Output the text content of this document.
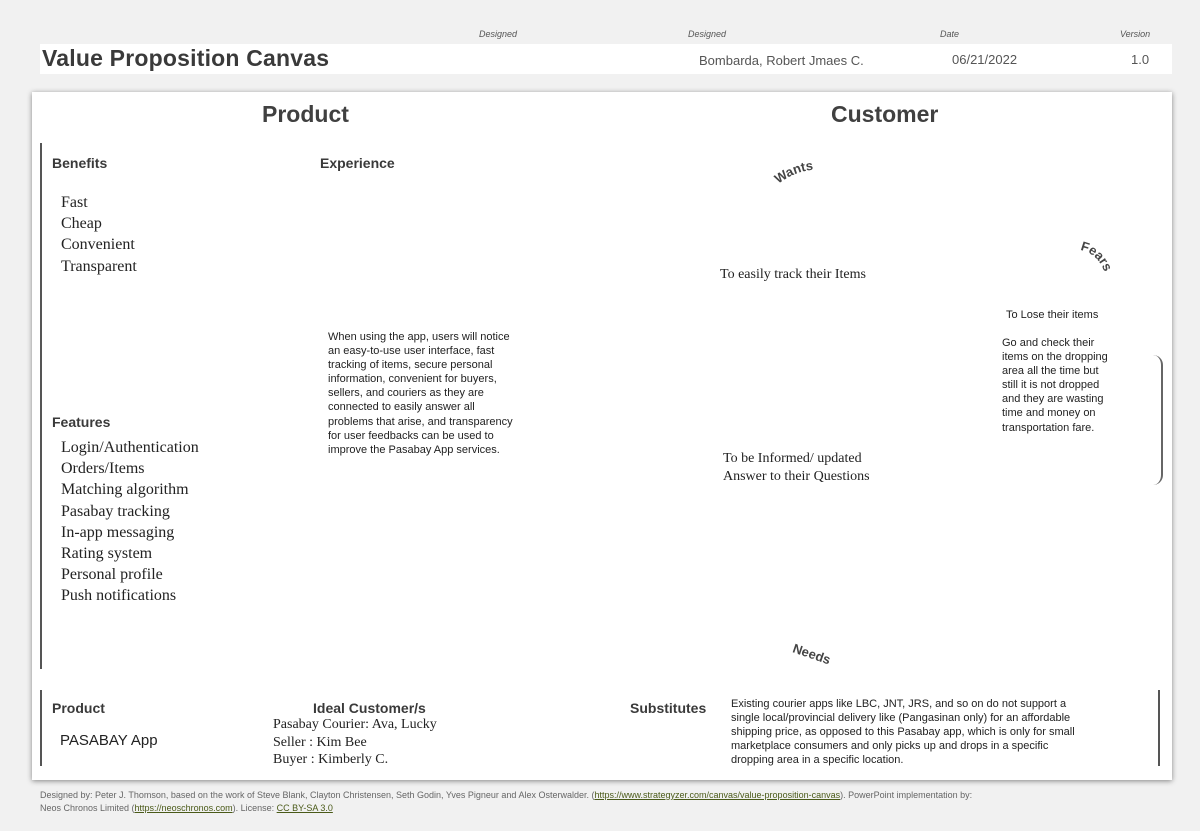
Designed	Designed	Date	Version
Value Proposition Canvas	Bombarda, Robert Jmaes C.	06/21/2022	1.0
Product	Customer
Benefits
Fast
Cheap
Convenient
Transparent
Experience
When using the app, users will notice
an easy-to-use user interface, fast
tracking of items, secure personal
information, convenient for buyers,
sellers, and couriers as they are
connected to easily answer all
problems that arise, and transparency
for user feedbacks can be used to
improve the Pasabay App services.
Features
Login/Authentication
Orders/Items
Matching algorithm
Pasabay tracking
In-app messaging
Rating system
Personal profile
Push notifications
Wants
Fears
Needs
To easily track their Items
To Lose their items
Go and check their
items on the dropping
area all the time but
still it is not dropped
and they are wasting
time and money on
transportation fare.
To be Informed/ updated
Answer to their Questions
Product
PASABAY App
Ideal Customer/s
Pasabay Courier: Ava, Lucky
Seller : Kim Bee
Buyer : Kimberly C.
Substitutes Existing courier apps like LBC, JNT, JRS, and so on do not support a
single local/provincial delivery like (Pangasinan only) for an affordable
shipping price, as opposed to this Pasabay app, which is only for small
marketplace consumers and only picks up and drops in a specific
dropping area in a specific location.
Designed by: Peter J. Thomson, based on the work of Steve Blank, Clayton Christensen, Seth Godin, Yves Pigneur and Alex Osterwalder. (https://www.strategyzer.com/canvas/value-proposition-canvas). PowerPoint implementation by:
Neos Chronos Limited (https://neoschronos.com). License: CC BY-SA 3.0
